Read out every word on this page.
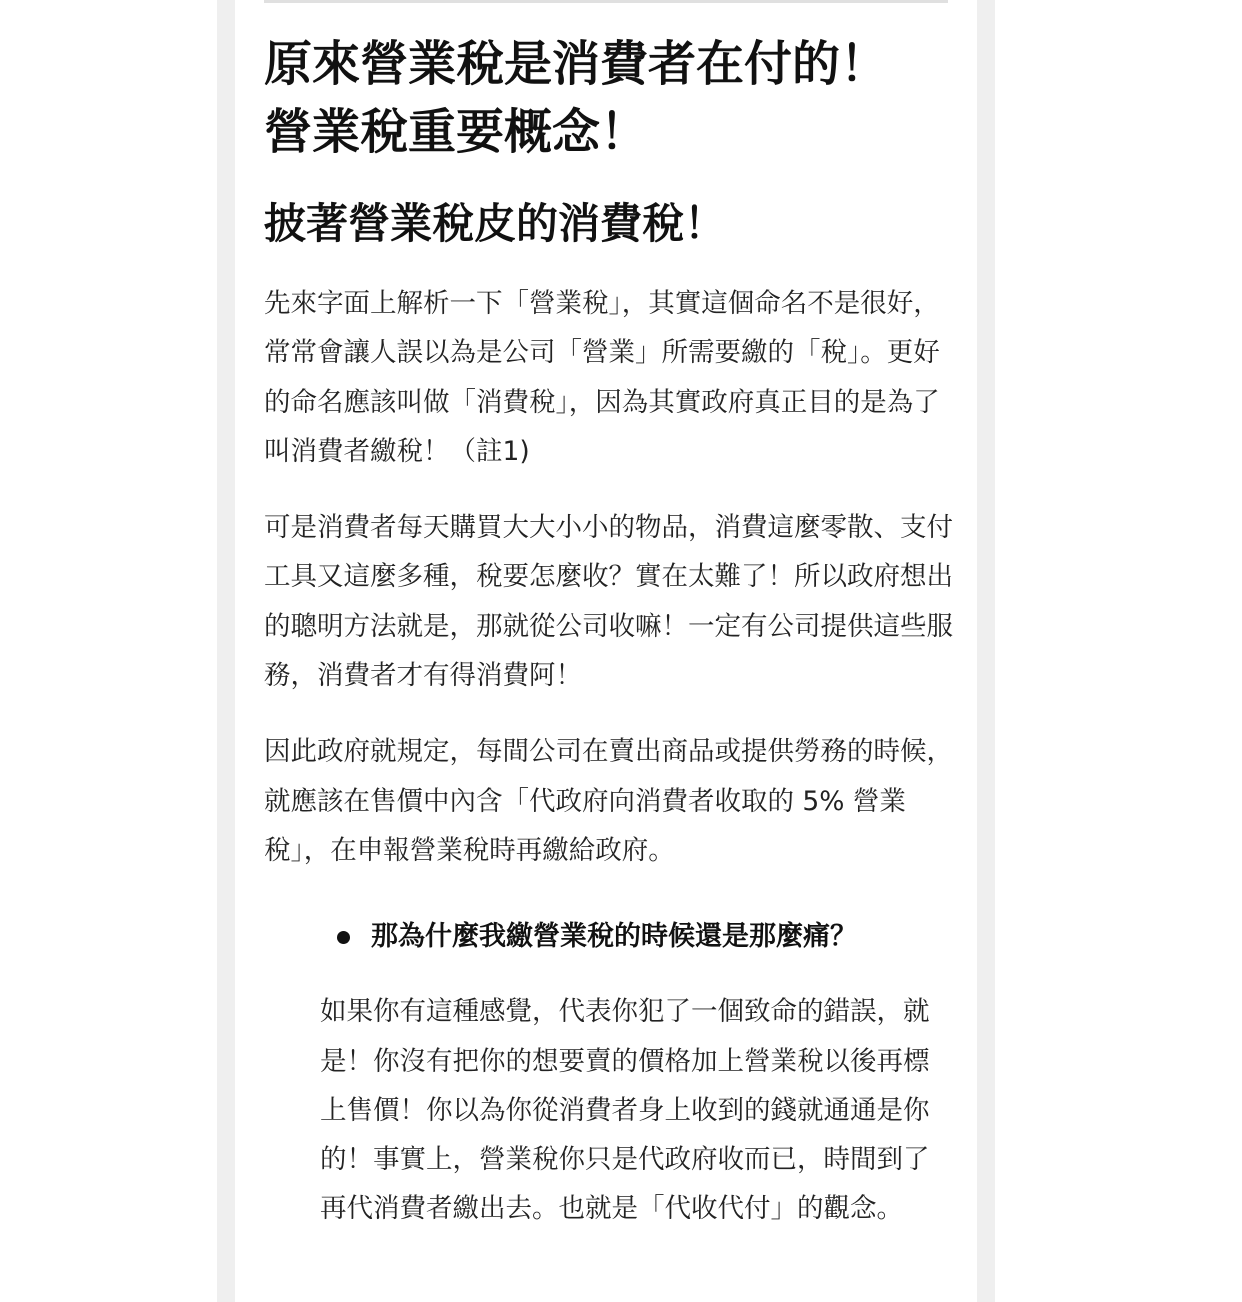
原來營業稅是消費者在付的！
營業稅重要概念！
披著營業稅皮的消費稅！

先來字面上解析一下「營業稅」，其實這個命名不是很好，常常會讓人誤以為是公司「營業」所需要繳的「稅」。更好的命名應該叫做「消費稅」，因為其實政府真正目的是為了叫消費者繳稅！（註1)

可是消費者每天購買大大小小的物品，消費這麼零散、支付工具又這麼多種，稅要怎麼收？實在太難了！所以政府想出的聰明方法就是，那就從公司收嘛！一定有公司提供這些服務，消費者才有得消費阿！

因此政府就規定，每間公司在賣出商品或提供勞務的時候，就應該在售價中內含「代政府向消費者收取的 5% 營業稅」，在申報營業稅時再繳給政府。

那為什麼我繳營業稅的時候還是那麼痛？

如果你有這種感覺，代表你犯了一個致命的錯誤，就是！你沒有把你的想要賣的價格加上營業稅以後再標上售價！你以為你從消費者身上收到的錢就通通是你的！事實上，營業稅你只是代政府收而已，時間到了再代消費者繳出去。也就是「代收代付」的觀念。
